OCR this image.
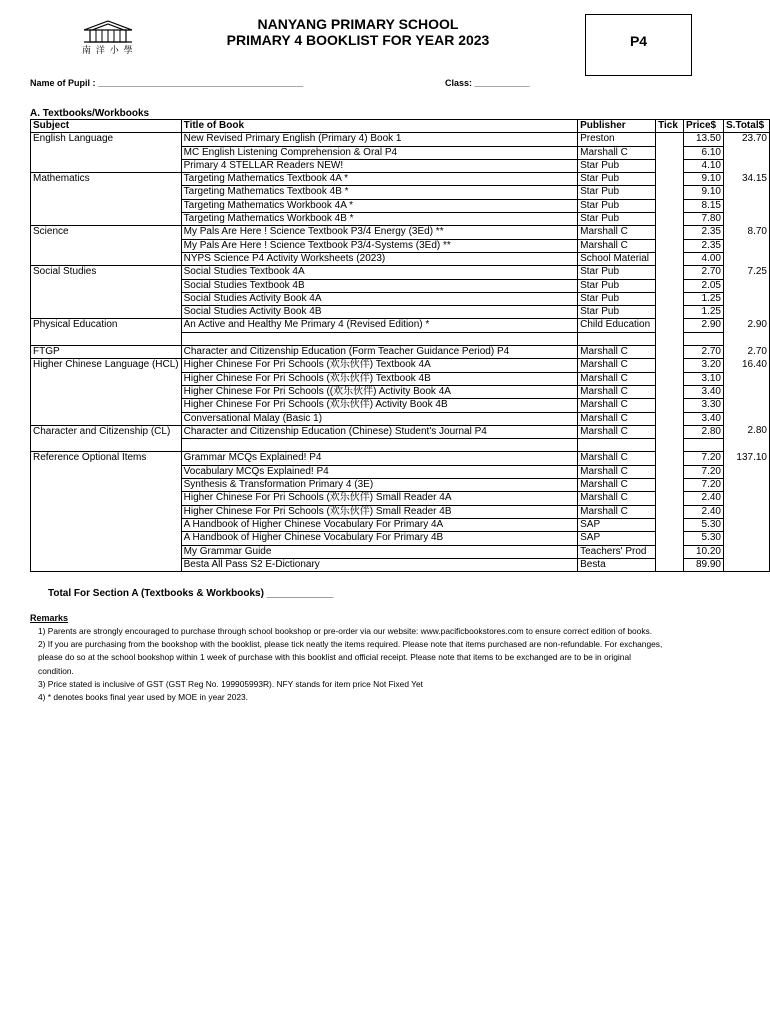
南 洋 小 學
NANYANG PRIMARY SCHOOL
PRIMARY 4 BOOKLIST FOR YEAR 2023	P4
Name of Pupil : _________________________________________	Class: ___________
A. Textbooks/Workbooks
Subject	Title of Book	Publisher	Tick	Price$	S.Total$
English Language	New Revised Primary English (Primary 4) Book 1	Preston		13.50	23.70
	MC English Listening Comprehension & Oral P4	Marshall C		6.10	
	Primary 4 STELLAR Readers NEW!	Star Pub		4.10	
Mathematics	Targeting Mathematics Textbook 4A *	Star Pub		9.10	34.15
	Targeting Mathematics Textbook 4B *	Star Pub		9.10	
	Targeting Mathematics Workbook 4A *	Star Pub		8.15	
	Targeting Mathematics Workbook 4B *	Star Pub		7.80	
Science	My Pals Are Here ! Science Textbook P3/4 Energy (3Ed) **	Marshall C		2.35	8.70
	My Pals Are Here ! Science Textbook P3/4-Systems (3Ed) **	Marshall C		2.35	
	NYPS Science P4 Activity Worksheets (2023)	School Material		4.00	
Social Studies	Social Studies Textbook 4A	Star Pub		2.70	7.25
	Social Studies Textbook 4B	Star Pub		2.05	
	Social Studies Activity Book 4A	Star Pub		1.25	
	Social Studies Activity Book 4B	Star Pub		1.25	
Physical Education	An Active and Healthy Me Primary 4 (Revised Edition) *	Child Education		2.90	2.90

FTGP	Character and Citizenship Education (Form Teacher Guidance Period) P4	Marshall C		2.70	2.70
Higher Chinese Language (HCL)	Higher Chinese For Pri Schools (欢乐伙伴) Textbook 4A	Marshall C		3.20	16.40
	Higher Chinese For Pri Schools (欢乐伙伴) Textbook 4B	Marshall C		3.10	
	Higher Chinese For Pri Schools ((欢乐伙伴) Activity Book 4A	Marshall C		3.40	
	Higher Chinese For Pri Schools (欢乐伙伴) Activity Book 4B	Marshall C		3.30	
	Conversational Malay (Basic 1)	Marshall C		3.40	
Character and Citizenship (CL)	Character and Citizenship Education (Chinese) Student's Journal P4	Marshall C		2.80	2.80

Reference Optional Items	Grammar MCQs Explained! P4	Marshall C		7.20	137.10
	Vocabulary MCQs Explained! P4	Marshall C		7.20	
	Synthesis & Transformation Primary 4 (3E)	Marshall C		7.20	
	Higher Chinese For Pri Schools (欢乐伙伴) Small Reader 4A	Marshall C		2.40	
	Higher Chinese For Pri Schools (欢乐伙伴) Small Reader 4B	Marshall C		2.40	
	A Handbook of Higher Chinese Vocabulary For Primary 4A	SAP		5.30	
	A Handbook of Higher Chinese Vocabulary For Primary 4B	SAP		5.30	
	My Grammar Guide	Teachers' Prod		10.20	
	Besta All Pass S2 E-Dictionary	Besta		89.90	
Total For Section A (Textbooks & Workbooks) ____________
Remarks

1) Parents are strongly encouraged to purchase through school bookshop or pre-order via our website: www.pacificbookstores.com to ensure correct edition of books.

2) If you are purchasing from the bookshop with the booklist, please tick neatly the items required. Please note that items purchased are non-refundable. For exchanges,

please do so at the school bookshop within 1 week of purchase with this booklist and official receipt. Please note that items to be exchanged are to be in original

condition.

3) Price stated is inclusive of GST (GST Reg No. 199905993R). NFY stands for item price Not Fixed Yet

4) * denotes books final year used by MOE in year 2023.
